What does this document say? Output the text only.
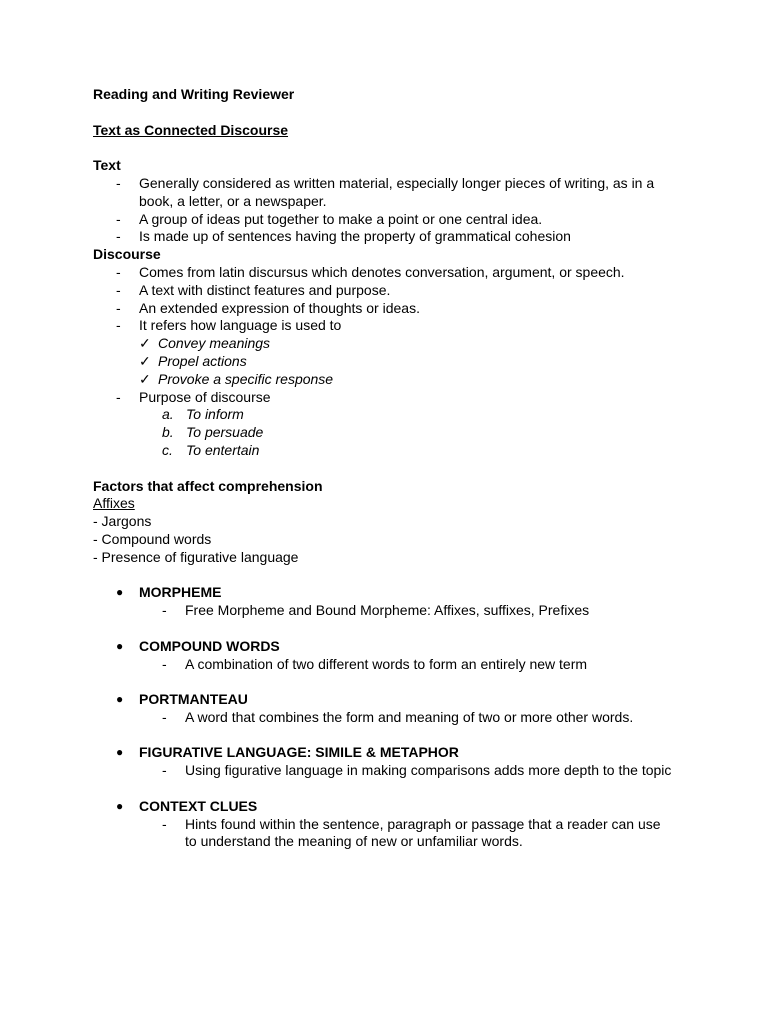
Reading and Writing Reviewer
Text as Connected Discourse
Text
- Generally considered as written material, especially longer pieces of writing, as in a book, a letter, or a newspaper.
- A group of ideas put together to make a point or one central idea.
- Is made up of sentences having the property of grammatical cohesion
Discourse
- Comes from latin discursus which denotes conversation, argument, or speech.
- A text with distinct features and purpose.
- An extended expression of thoughts or ideas.
- It refers how language is used to
✓ Convey meanings
✓ Propel actions
✓ Provoke a specific response
- Purpose of discourse
a. To inform
b. To persuade
c. To entertain
Factors that affect comprehension
Affixes
- Jargons
- Compound words
- Presence of figurative language
● MORPHEME
- Free Morpheme and Bound Morpheme: Affixes, suffixes, Prefixes
● COMPOUND WORDS
- A combination of two different words to form an entirely new term
● PORTMANTEAU
- A word that combines the form and meaning of two or more other words.
● FIGURATIVE LANGUAGE: SIMILE & METAPHOR
- Using figurative language in making comparisons adds more depth to the topic
● CONTEXT CLUES
- Hints found within the sentence, paragraph or passage that a reader can use to understand the meaning of new or unfamiliar words.
